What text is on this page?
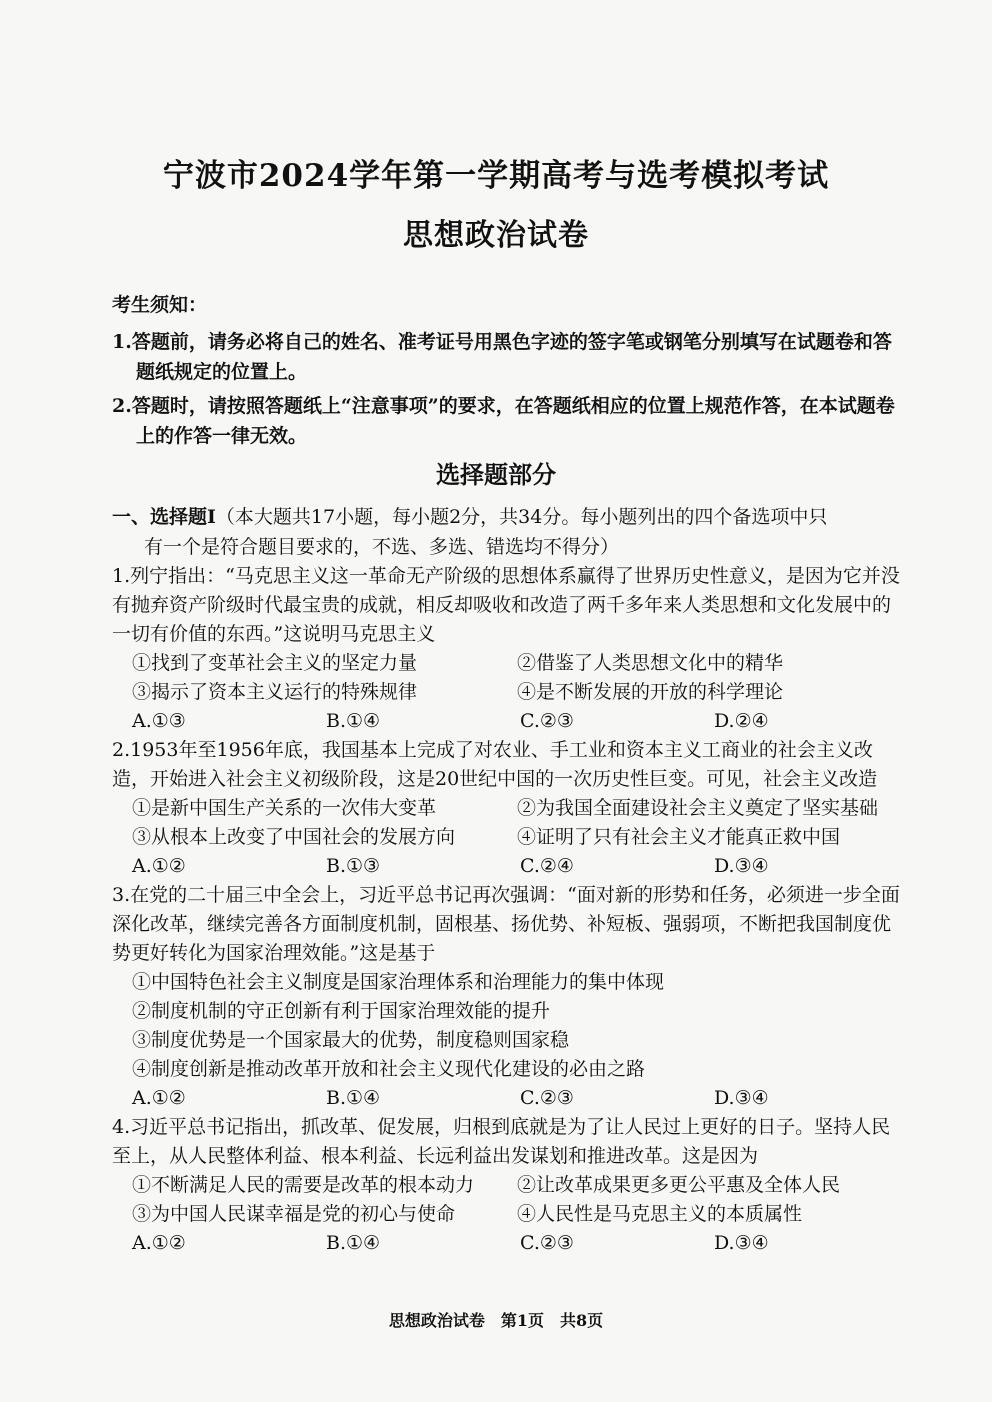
宁波市2024学年第一学期高考与选考模拟考试
思想政治试卷
考生须知：
1.答题前，请务必将自己的姓名、准考证号用黑色字迹的签字笔或钢笔分别填写在试题卷和答题纸规定的位置上。
2.答题时，请按照答题纸上“注意事项”的要求，在答题纸相应的位置上规范作答，在本试题卷上的作答一律无效。
选择题部分
一、选择题Ⅰ（本大题共17小题，每小题2分，共34分。每小题列出的四个备选项中只
有一个是符合题目要求的，不选、多选、错选均不得分）
1.列宁指出：“马克思主义这一革命无产阶级的思想体系赢得了世界历史性意义，是因为它并没有抛弃资产阶级时代最宝贵的成就，相反却吸收和改造了两千多年来人类思想和文化发展中的一切有价值的东西。”这说明马克思主义
①找到了变革社会主义的坚定力量	②借鉴了人类思想文化中的精华
③揭示了资本主义运行的特殊规律	④是不断发展的开放的科学理论
A.①③	B.①④	C.②③	D.②④
2.1953年至1956年底，我国基本上完成了对农业、手工业和资本主义工商业的社会主义改造，开始进入社会主义初级阶段，这是20世纪中国的一次历史性巨变。可见，社会主义改造
①是新中国生产关系的一次伟大变革	②为我国全面建设社会主义奠定了坚实基础
③从根本上改变了中国社会的发展方向	④证明了只有社会主义才能真正救中国
A.①②	B.①③	C.②④	D.③④
3.在党的二十届三中全会上，习近平总书记再次强调：“面对新的形势和任务，必须进一步全面深化改革，继续完善各方面制度机制，固根基、扬优势、补短板、强弱项，不断把我国制度优势更好转化为国家治理效能。”这是基于
①中国特色社会主义制度是国家治理体系和治理能力的集中体现
②制度机制的守正创新有利于国家治理效能的提升
③制度优势是一个国家最大的优势，制度稳则国家稳
④制度创新是推动改革开放和社会主义现代化建设的必由之路
A.①②	B.①④	C.②③	D.③④
4.习近平总书记指出，抓改革、促发展，归根到底就是为了让人民过上更好的日子。坚持人民至上，从人民整体利益、根本利益、长远利益出发谋划和推进改革。这是因为
①不断满足人民的需要是改革的根本动力	②让改革成果更多更公平惠及全体人民
③为中国人民谋幸福是党的初心与使命	④人民性是马克思主义的本质属性
A.①②	B.①④	C.②③	D.③④
思想政治试卷　第1页　共8页
